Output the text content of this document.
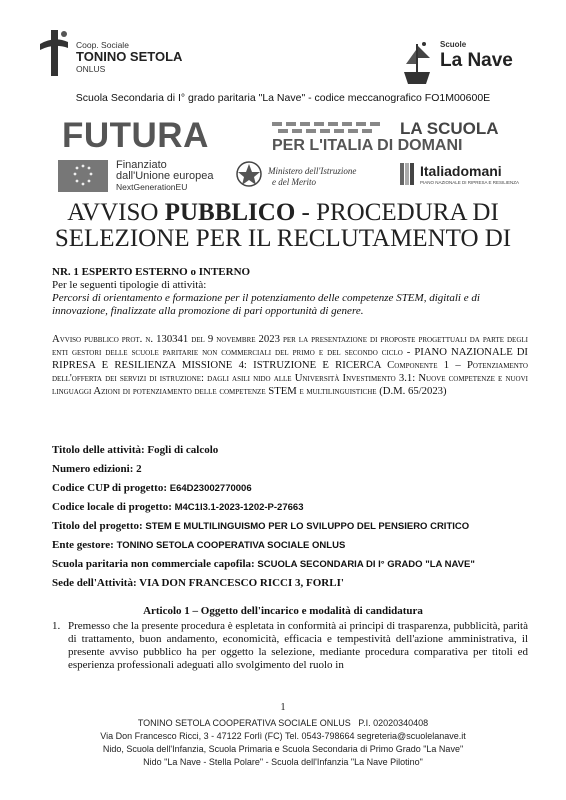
Coop. Sociale
TONINO SETOLA
ONLUS
Scuole
La Nave
Scuola Secondaria di I° grado paritaria "La Nave" - codice meccanografico FO1M00600E
FUTURA	LA SCUOLA
PER L'ITALIA DI DOMANI
Finanziato
dall'Unione europea
NextGenerationEU
Ministero dell'Istruzione
e del Merito
Italiadomani
PIANO NAZIONALE DI RIPRESA E RESILIENZA
AVVISO PUBBLICO - PROCEDURA DI
SELEZIONE PER IL RECLUTAMENTO DI
NR. 1 ESPERTO ESTERNO o INTERNO
Per le seguenti tipologie di attività:
Percorsi di orientamento e formazione per il potenziamento delle competenze STEM, digitali e di innovazione, finalizzate alla promozione di pari opportunità di genere.
Avviso pubblico prot. n. 130341 del 9 novembre 2023 per la presentazione di proposte progettuali da parte degli enti gestori delle scuole paritarie non commerciali del primo e del secondo ciclo - PIANO NAZIONALE DI RIPRESA E RESILIENZA MISSIONE 4: ISTRUZIONE E RICERCA Componente 1 – Potenziamento dell'offerta dei servizi di istruzione: dagli asili nido alle Università Investimento 3.1: Nuove competenze e nuovi linguaggi Azioni di potenziamento delle competenze STEM e multilinguistiche (D.M. 65/2023)
Titolo delle attività: Fogli di calcolo
Numero edizioni: 2
Codice CUP di progetto: E64D23002770006
Codice locale di progetto: M4C1I3.1-2023-1202-P-27663
Titolo del progetto: STEM E MULTILINGUISMO PER LO SVILUPPO DEL PENSIERO CRITICO
Ente gestore: TONINO SETOLA COOPERATIVA SOCIALE ONLUS
Scuola paritaria non commerciale capofila: SCUOLA SECONDARIA DI I° GRADO "LA NAVE"
Sede dell'Attività: VIA DON FRANCESCO RICCI 3, FORLI'
Articolo 1 – Oggetto dell'incarico e modalità di candidatura
1. Premesso che la presente procedura è espletata in conformità ai principi di trasparenza, pubblicità, parità di trattamento, buon andamento, economicità, efficacia e tempestività dell'azione amministrativa, il presente avviso pubblico ha per oggetto la selezione, mediante procedura comparativa per titoli ed esperienza professionali adeguati allo svolgimento del ruolo in
1
TONINO SETOLA COOPERATIVA SOCIALE ONLUS   P.I. 02020340408
Via Don Francesco Ricci, 3 - 47122 Forlì (FC) Tel. 0543-798664 segreteria@scuolelanave.it
Nido, Scuola dell'Infanzia, Scuola Primaria e Scuola Secondaria di Primo Grado "La Nave"
Nido "La Nave - Stella Polare" - Scuola dell'Infanzia "La Nave Pilotino"
